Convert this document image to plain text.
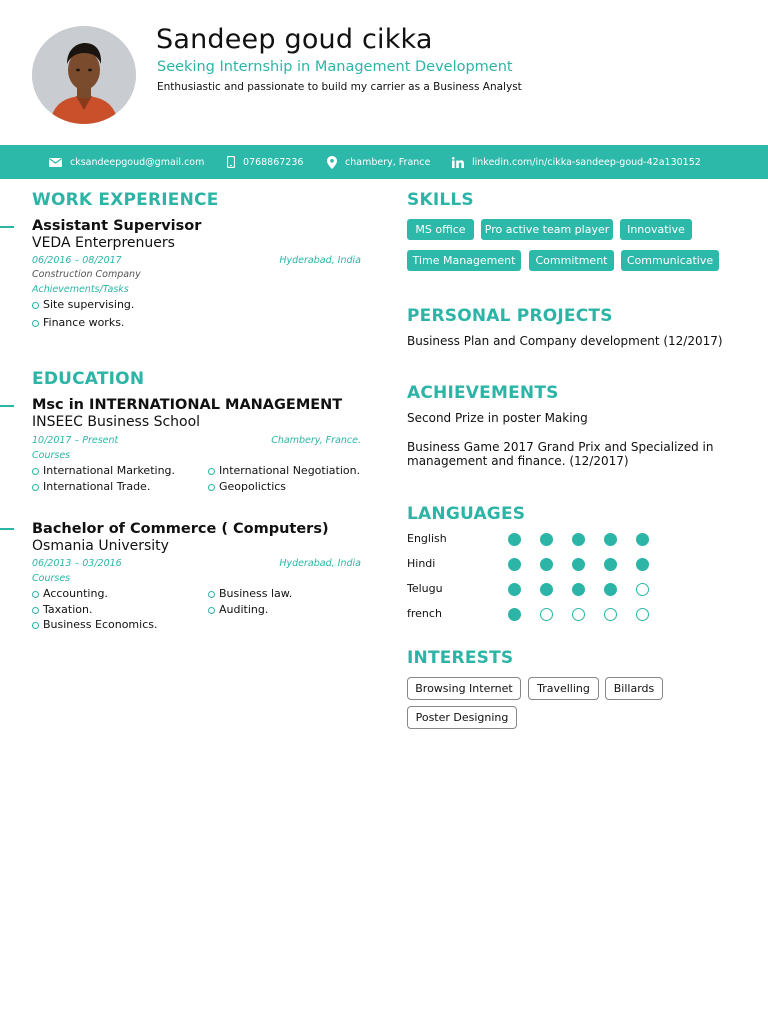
Sandeep goud cikka
Seeking Internship in Management Development
Enthusiastic and passionate to build my carrier as a Business Analyst
cksandeepgoud@gmail.com	0768867236	chambery, France	linkedin.com/in/cikka-sandeep-goud-42a130152
WORK EXPERIENCE
Assistant Supervisor
VEDA Enterprenuers
06/2016 – 08/2017	Hyderabad, India
Construction Company
Achievements/Tasks
Site supervising.
Finance works.
EDUCATION
Msc in INTERNATIONAL MANAGEMENT
INSEEC Business School
10/2017 – Present	Chambery, France.
Courses
International Marketing.	International Negotiation.
International Trade.	Geopolictics
Bachelor of Commerce ( Computers)
Osmania University
06/2013 – 03/2016	Hyderabad, India
Courses
Accounting.	Business law.
Taxation.	Auditing.
Business Economics.
SKILLS
MS office	Pro active team player	Innovative
Time Management	Commitment	Communicative
PERSONAL PROJECTS
Business Plan and Company development (12/2017)
ACHIEVEMENTS
Second Prize in poster Making
Business Game 2017 Grand Prix and Specialized in management and finance. (12/2017)
LANGUAGES
English
Hindi
Telugu
french
INTERESTS
Browsing Internet	Travelling	Billards
Poster Designing
